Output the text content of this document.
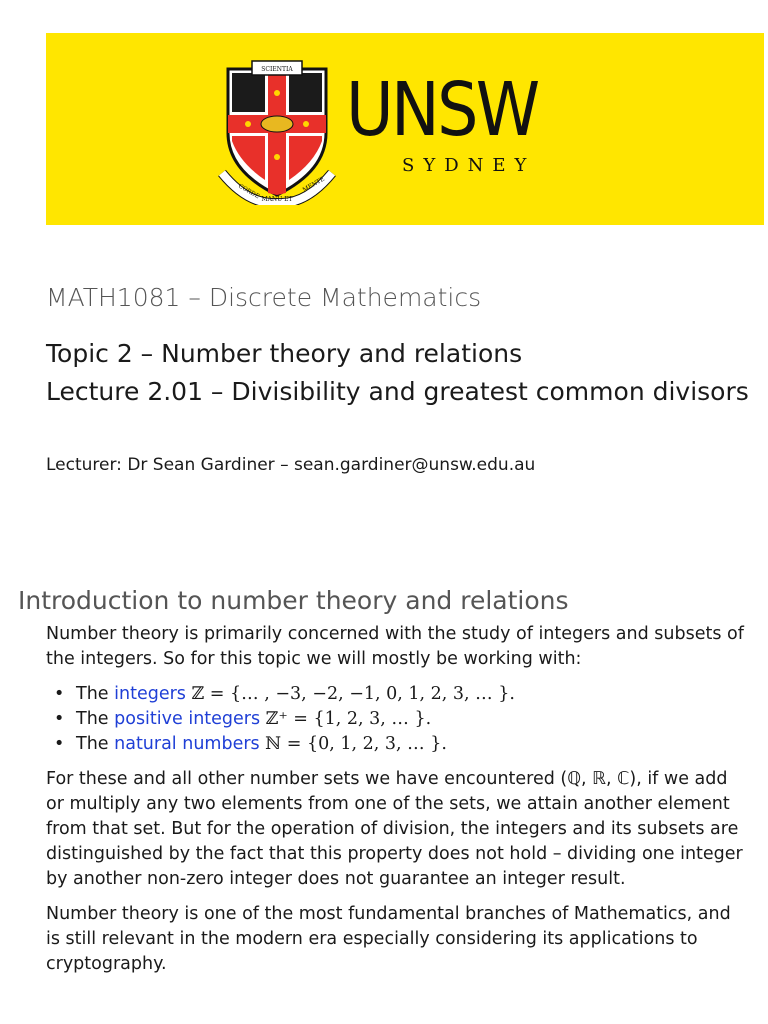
SCIENTIA
CORDE MANU ET
MENTE
UNSW
SYDNEY
MATH1081 – Discrete Mathematics
Topic 2 – Number theory and relations
Lecture 2.01 – Divisibility and greatest common divisors
Lecturer: Dr Sean Gardiner – sean.gardiner@unsw.edu.au
Introduction to number theory and relations

Number theory is primarily concerned with the study of integers and subsets of the integers. So for this topic we will mostly be working with:

• The integers ℤ = {… , −3, −2, −1, 0, 1, 2, 3, … }.
• The positive integers ℤ⁺ = {1, 2, 3, … }.
• The natural numbers ℕ = {0, 1, 2, 3, … }.

For these and all other number sets we have encountered (ℚ, ℝ, ℂ), if we add or multiply any two elements from one of the sets, we attain another element from that set. But for the operation of division, the integers and its subsets are distinguished by the fact that this property does not hold – dividing one integer by another non-zero integer does not guarantee an integer result.

Number theory is one of the most fundamental branches of Mathematics, and is still relevant in the modern era especially considering its applications to cryptography.
